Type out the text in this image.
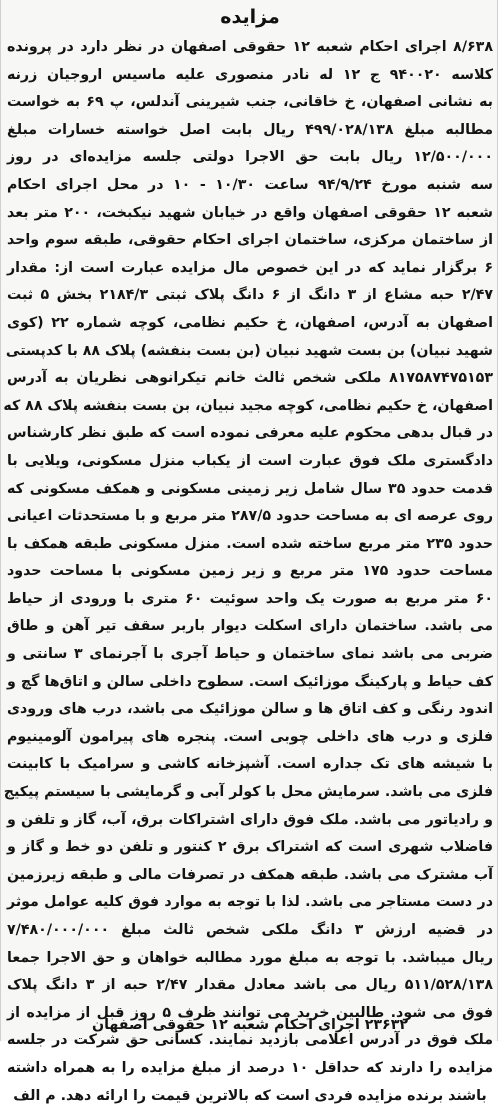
مزایده
۸/۶۳۸ اجرای احکام شعبه ۱۲ حقوقی اصفهان در نظر دارد در پرونده
کلاسه ۹۴۰۰۲۰ ج ۱۲ له نادر منصوری علیه ماسیس اروجیان زرنه
به نشانی اصفهان، خ خاقانی، جنب شیرینی آندلس، پ ۶۹ به خواست
مطالبه مبلغ ۴۹۹/۰۲۸/۱۳۸ ریال بابت اصل خواسته خسارات مبلغ
۱۲/۵۰۰/۰۰۰ ریال بابت حق الاجرا دولتی جلسه مزایده‌ای در روز
سه شنبه مورخ ۹۴/۹/۲۴ ساعت ۱۰/۳۰ - ۱۰ در محل اجرای احکام
شعبه ۱۲ حقوقی اصفهان واقع در خیابان شهید نیکبخت، ۲۰۰ متر بعد
از ساختمان مرکزی، ساختمان اجرای احکام حقوقی، طبقه سوم واحد
۶ برگزار نماید که در این خصوص مال مزایده عبارت است از: مقدار
۲/۴۷ حبه مشاع از ۳ دانگ از ۶ دانگ پلاک ثبتی ۲۱۸۴/۳ بخش ۵ ثبت
اصفهان به آدرس، اصفهان، خ حکیم نظامی، کوچه شماره ۲۲ (کوی
شهید نبیان) بن بست شهید نبیان (بن بست بنفشه) پلاک ۸۸ با کدپستی
۸۱۷۵۸۷۴۷۵۱۵۳ ملکی شخص ثالث خانم تیکرانوهی نظریان به آدرس
اصفهان، خ حکیم نظامی، کوچه مجید نبیان، بن بست بنفشه پلاک ۸۸ که
در قبال بدهی محکوم علیه معرفی نموده است که طبق نظر کارشناس
دادگستری ملک فوق عبارت است از یکباب منزل مسکونی، ویلایی با
قدمت حدود ۳۵ سال شامل زیر زمینی مسکونی و همکف مسکونی که
روی عرصه ای به مساحت حدود ۲۸۷/۵ متر مربع و با مستحدثات اعیانی
حدود ۲۳۵ متر مربع ساخته شده است. منزل مسکونی طبقه همکف با
مساحت حدود ۱۷۵ متر مربع و زیر زمین مسکونی با مساحت حدود
۶۰ متر مربع به صورت یک واحد سوئیت ۶۰ متری با ورودی از حیاط
می باشد. ساختمان دارای اسکلت دیوار باربر سقف تیر آهن و طاق
ضربی می باشد نمای ساختمان و حیاط آجری با آجرنمای ۳ سانتی و
کف حیاط و پارکینگ موزائیک است. سطوح داخلی سالن و اتاق‌ها گچ و
اندود رنگی و کف اتاق ها و سالن موزائیک می باشد، درب های ورودی
فلزی و درب های داخلی چوبی است. پنجره های پیرامون آلومینیوم
با شیشه های تک جداره است. آشپزخانه کاشی و سرامیک با کابینت
فلزی می باشد. سرمایش محل با کولر آبی و گرمایشی با سیستم پیکیج
و رادیاتور می باشد. ملک فوق دارای اشتراکات برق، آب، گاز و تلفن و
فاضلاب شهری است که اشتراک برق ۲ کنتور و تلفن دو خط و گاز و
آب مشترک می باشد. طبقه همکف در تصرفات مالی و طبقه زیرزمین
در دست مستاجر می باشد. لذا با توجه به موارد فوق کلیه عوامل موثر
در قضیه ارزش ۳ دانگ ملکی شخص ثالث مبلغ ۷/۴۸۰/۰۰۰/۰۰۰
ریال میباشد. با توجه به مبلغ مورد مطالبه خواهان و حق الاجرا جمعا
۵۱۱/۵۲۸/۱۳۸ ریال می باشد معادل مقدار ۲/۴۷ حبه از ۳ دانگ پلاک
فوق می شود. طالبین خرید می توانند ظرف ۵ روز قبل از مزایده از
ملک فوق در آدرس اعلامی بازدید نمایند. کسانی حق شرکت در جلسه
مزایده را دارند که حداقل ۱۰ درصد از مبلغ مزایده را به همراه داشته
باشند برنده مزایده فردی است که بالاترین قیمت را ارائه دهد. م الف
۲۳۶۳۲ اجرای احکام شعبه ۱۲ حقوقی اصفهان
